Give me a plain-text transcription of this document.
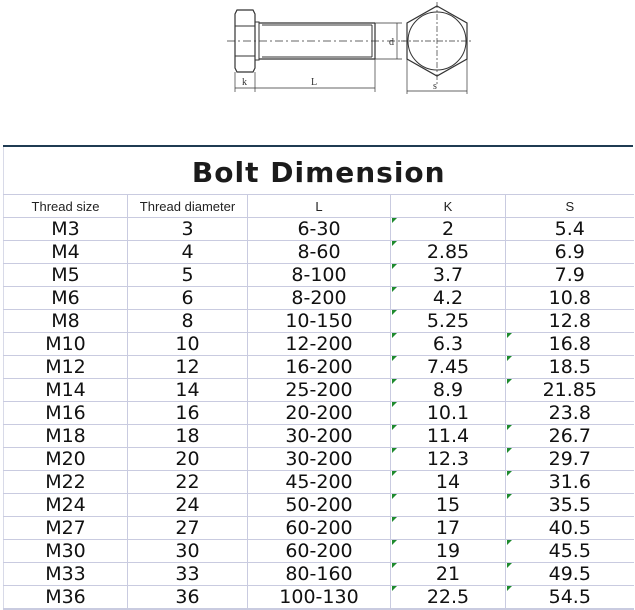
d
k	L	s
Bolt Dimension				
Thread size	Thread diameter	L	K	S
M3	3	6-30	2	5.4
M4	4	8-60	2.85	6.9
M5	5	8-100	3.7	7.9
M6	6	8-200	4.2	10.8
M8	8	10-150	5.25	12.8
M10	10	12-200	6.3	16.8
M12	12	16-200	7.45	18.5
M14	14	25-200	8.9	21.85
M16	16	20-200	10.1	23.8
M18	18	30-200	11.4	26.7
M20	20	30-200	12.3	29.7
M22	22	45-200	14	31.6
M24	24	50-200	15	35.5
M27	27	60-200	17	40.5
M30	30	60-200	19	45.5
M33	33	80-160	21	49.5
M36	36	100-130	22.5	54.5
